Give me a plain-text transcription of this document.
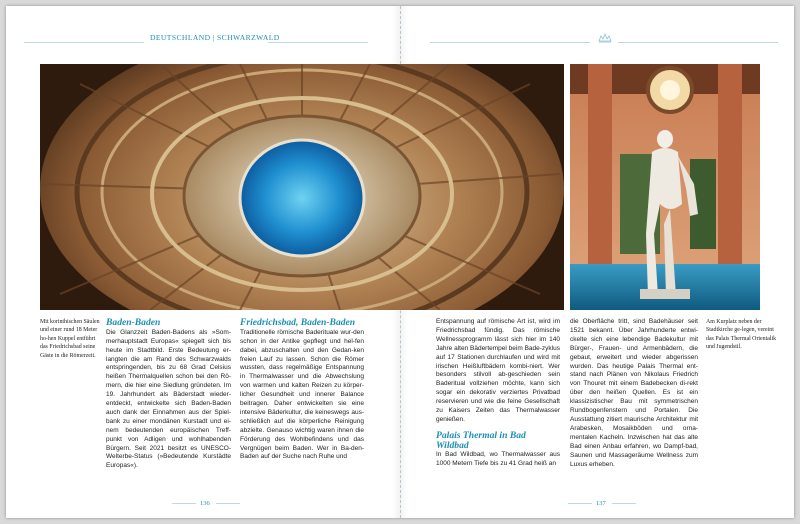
DEUTSCHLAND | SCHWARZWALD
Mit korinthischen Säulen und einer rund 18 Meter ho-hen Kuppel entführt das Friedrichsbad seine Gäste in die Römerzeit.
Am Kurplatz neben der Stadtkirche ge-legen, vereint das Palais Thermal Orientalik und Jugendstil.
Baden-Baden

Die Glanzzeit Baden-Badens als »Som-merhauptstadt Europas« spiegelt sich bis heute im Stadtbild. Erste Bedeutung er-langten die am Rand des Schwarzwalds entspringenden, bis zu 68 Grad Celsius heißen Thermalquellen schon bei den Rö-mern, die hier eine Siedlung gründeten. Im 19. Jahrhundert als Bäderstadt wieder-entdeckt, entwickelte sich Baden-Baden auch dank der Einnahmen aus der Spiel-bank zu einer mondänen Kurstadt und ei-nem bedeutenden europäischen Treff-punkt von Adligen und wohlhabenden Bürgern. Seit 2021 besitzt es UNESCO-Welterbe-Status (»Bedeutende Kurstädte Europas«).

Friedrichsbad, Baden-Baden

Traditionelle römische Baderituale wur-den schon in der Antike gepflegt und hel-fen dabei, abzuschalten und den Gedan-ken freien Lauf zu lassen. Schon die Römer wussten, dass regelmäßige Entspannung in Thermalwasser und die Abwechslung von warmen und kalten Reizen zu körper-licher Gesundheit und innerer Balance beitragen. Daher entwickelten sie eine intensive Bäderkultur, die keineswegs aus-schließlich auf die körperliche Reinigung abzielte. Genauso wichtig waren ihnen die Förderung des Wohlbefindens und das Vergnügen beim Baden. Wer in Ba-den-Baden auf der Suche nach Ruhe und

Entspannung auf römische Art ist, wird im Friedrichsbad fündig. Das römische Wellnessprogramm lässt sich hier im 140 Jahre alten Bädertempel beim Bade-zyklus auf 17 Stationen durchlaufen und wird mit irischen Heißluftbädern kombi-niert. Wer besonders stilvoll ab-geschieden sein Baderitual vollziehen möchte, kann sich sogar ein dekorativ verziertes Privatbad reservieren und wie die feine Gesellschaft zu Kaisers Zeiten das Thermalwasser genießen.

Palais Thermal in Bad Wildbad

In Bad Wildbad, wo Thermalwasser aus 1000 Metern Tiefe bis zu 41 Grad heiß an

die Oberfläche tritt, sind Badehäuser seit 1521 bekannt. Über Jahrhunderte entwi-ckelte sich eine lebendige Badekultur mit Bürger-, Frauen- und Armenbädern, die gebaut, erweitert und wieder abgerissen wurden. Das heutige Palais Thermal ent-stand nach Plänen von Nikolaus Friedrich von Thouret mit einem Badebecken di-rekt über den heißen Quellen. Es ist ein klassizistischer Bau mit symmetrischen Rundbogenfenstern und Portalen. Die Ausstattung zitiert maurische Architektur mit Arabesken, Mosaikböden und orna-mentalen Kacheln. Inzwischen hat das alte Bad einen Anbau erfahren, wo Dampf-bad, Saunen und Massageräume Wellness zum Luxus erheben.

136	137
